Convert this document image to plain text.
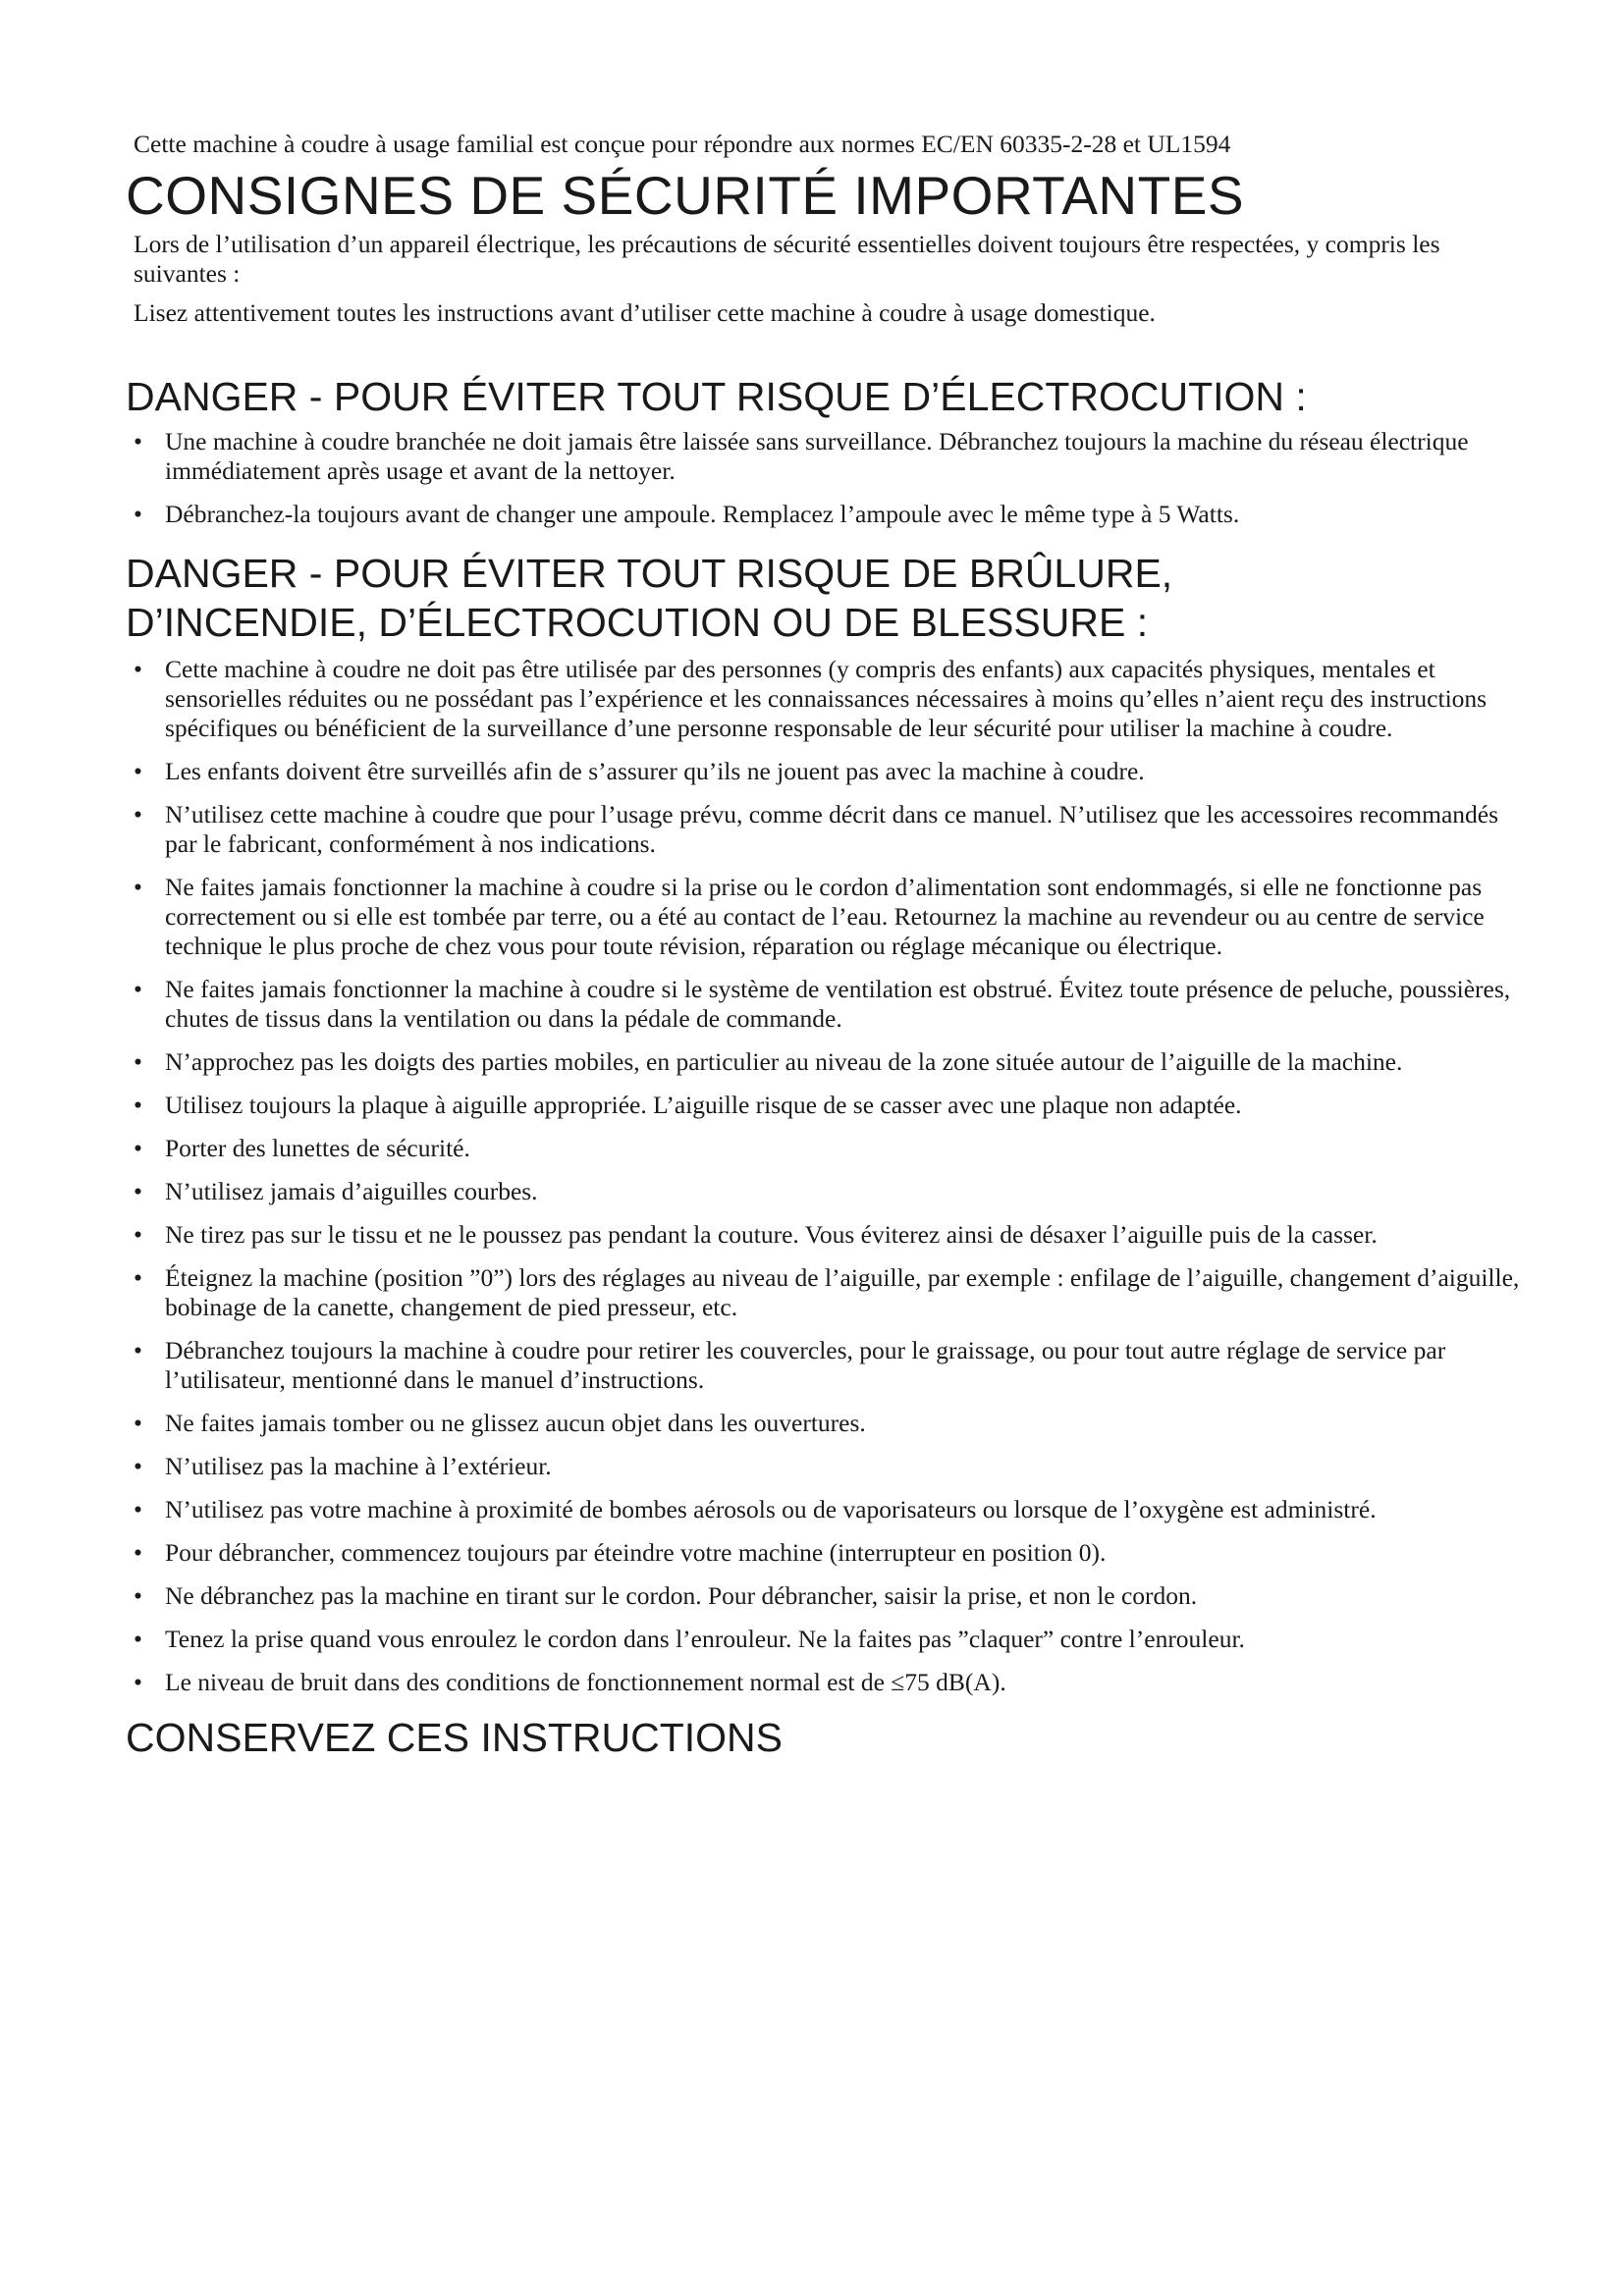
Cette machine à coudre à usage familial est conçue pour répondre aux normes EC/EN 60335-2-28 et UL1594

CONSIGNES DE SÉCURITÉ IMPORTANTES

Lors de l’utilisation d’un appareil électrique, les précautions de sécurité essentielles doivent toujours être respectées, y compris les suivantes :

Lisez attentivement toutes les instructions avant d’utiliser cette machine à coudre à usage domestique.

DANGER - POUR ÉVITER TOUT RISQUE D’ÉLECTROCUTION :
• Une machine à coudre branchée ne doit jamais être laissée sans surveillance. Débranchez toujours la machine du réseau électrique immédiatement après usage et avant de la nettoyer.
• Débranchez-la toujours avant de changer une ampoule. Remplacez l’ampoule avec le même type à 5 Watts.
DANGER - POUR ÉVITER TOUT RISQUE DE BRÛLURE,
D’INCENDIE, D’ÉLECTROCUTION OU DE BLESSURE :
• Cette machine à coudre ne doit pas être utilisée par des personnes (y compris des enfants) aux capacités physiques, mentales et sensorielles réduites ou ne possédant pas l’expérience et les connaissances nécessaires à moins qu’elles n’aient reçu des instructions spécifiques ou bénéficient de la surveillance d’une personne responsable de leur sécurité pour utiliser la machine à coudre.
• Les enfants doivent être surveillés afin de s’assurer qu’ils ne jouent pas avec la machine à coudre.
• N’utilisez cette machine à coudre que pour l’usage prévu, comme décrit dans ce manuel. N’utilisez que les accessoires recommandés par le fabricant, conformément à nos indications.
• Ne faites jamais fonctionner la machine à coudre si la prise ou le cordon d’alimentation sont endommagés, si elle ne fonctionne pas correctement ou si elle est tombée par terre, ou a été au contact de l’eau. Retournez la machine au revendeur ou au centre de service technique le plus proche de chez vous pour toute révision, réparation ou réglage mécanique ou électrique.
• Ne faites jamais fonctionner la machine à coudre si le système de ventilation est obstrué. Évitez toute présence de peluche, poussières, chutes de tissus dans la ventilation ou dans la pédale de commande.
• N’approchez pas les doigts des parties mobiles, en particulier au niveau de la zone située autour de l’aiguille de la machine.
• Utilisez toujours la plaque à aiguille appropriée. L’aiguille risque de se casser avec une plaque non adaptée.
• Porter des lunettes de sécurité.
• N’utilisez jamais d’aiguilles courbes.
• Ne tirez pas sur le tissu et ne le poussez pas pendant la couture. Vous éviterez ainsi de désaxer l’aiguille puis de la casser.
• Éteignez la machine (position ”0”) lors des réglages au niveau de l’aiguille, par exemple : enfilage de l’aiguille, changement d’aiguille, bobinage de la canette, changement de pied presseur, etc.
• Débranchez toujours la machine à coudre pour retirer les couvercles, pour le graissage, ou pour tout autre réglage de service par l’utilisateur, mentionné dans le manuel d’instructions.
• Ne faites jamais tomber ou ne glissez aucun objet dans les ouvertures.
• N’utilisez pas la machine à l’extérieur.
• N’utilisez pas votre machine à proximité de bombes aérosols ou de vaporisateurs ou lorsque de l’oxygène est administré.
• Pour débrancher, commencez toujours par éteindre votre machine (interrupteur en position 0).
• Ne débranchez pas la machine en tirant sur le cordon. Pour débrancher, saisir la prise, et non le cordon.
• Tenez la prise quand vous enroulez le cordon dans l’enrouleur. Ne la faites pas ”claquer” contre l’enrouleur.
• Le niveau de bruit dans des conditions de fonctionnement normal est de ≤75 dB(A).
CONSERVEZ CES INSTRUCTIONS
